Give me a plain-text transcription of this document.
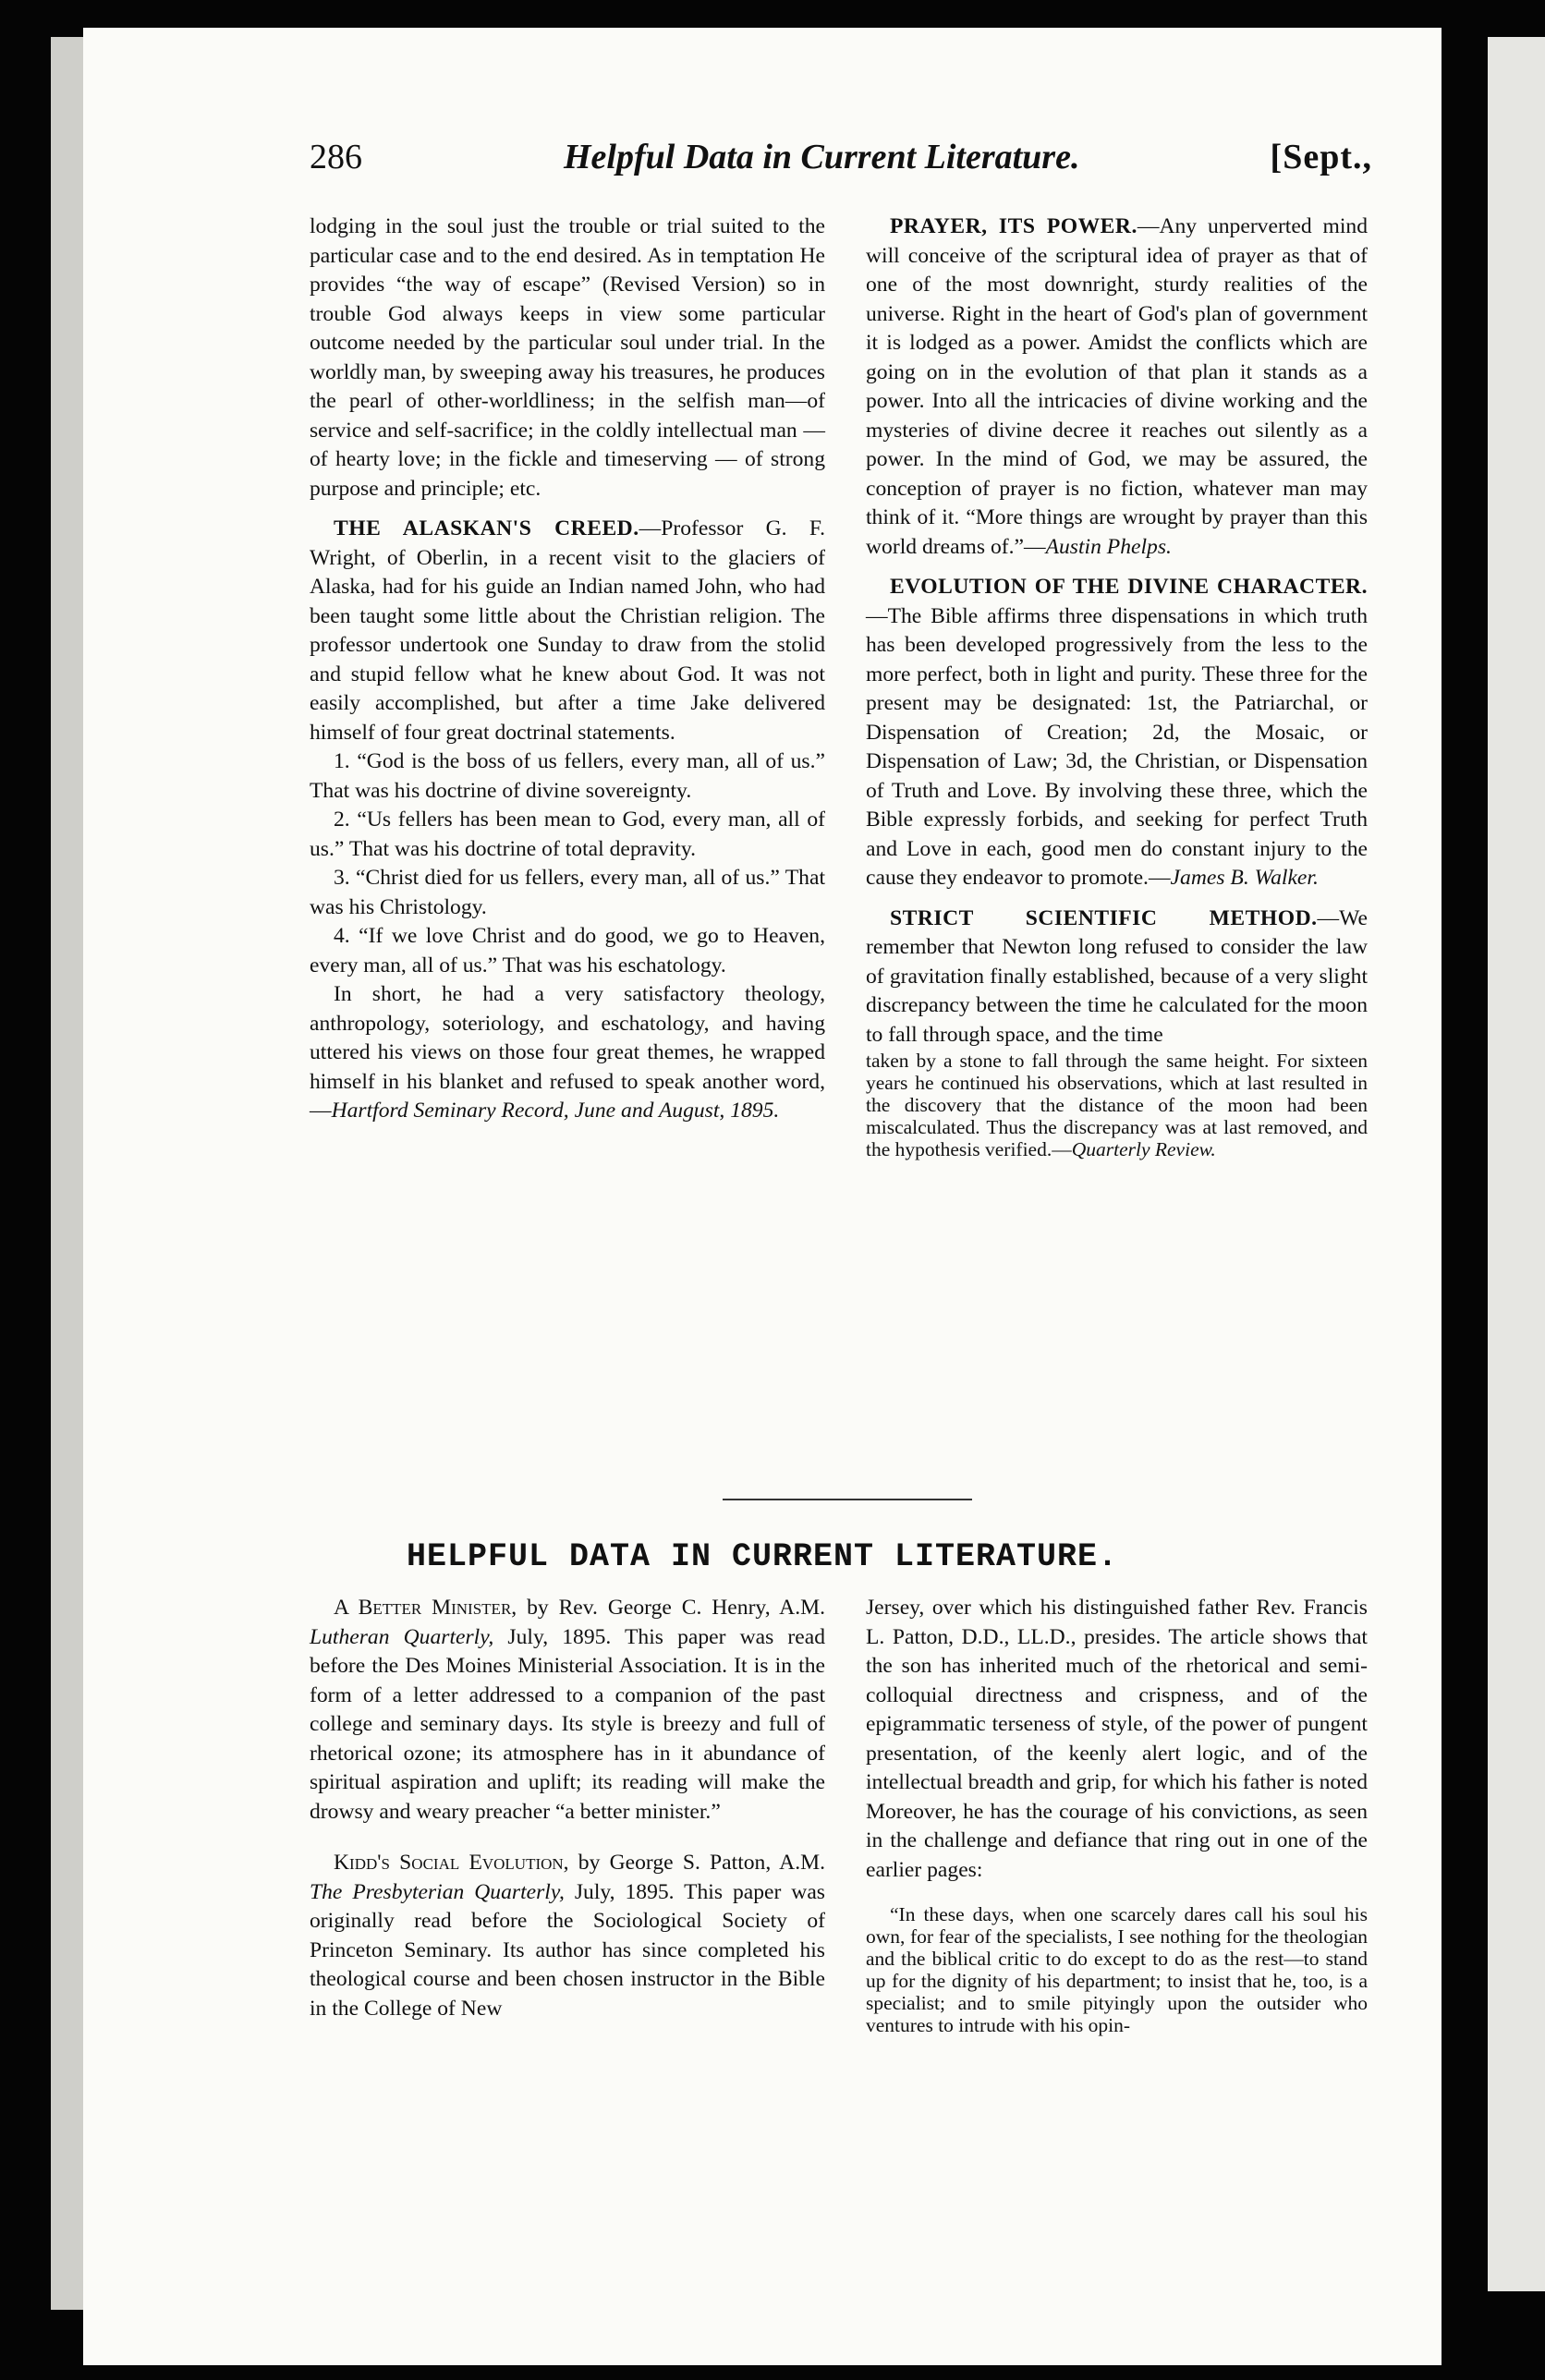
286	Helpful Data in Current Literature.	[Sept.,

lodging in the soul just the trouble or trial suited to the particular case and to the end desired. As in temptation He provides “the way of escape” (Revised Version) so in trouble God always keeps in view some particular outcome needed by the particular soul under trial. In the worldly man, by sweeping away his treasures, he produces the pearl of other-worldliness; in the selfish man—of service and self-sacrifice; in the coldly intellectual man —of hearty love; in the fickle and timeserving — of strong purpose and principle; etc.

THE ALASKAN'S CREED.—Professor G. F. Wright, of Oberlin, in a recent visit to the glaciers of Alaska, had for his guide an Indian named John, who had been taught some little about the Christian religion. The professor undertook one Sunday to draw from the stolid and stupid fellow what he knew about God. It was not easily accomplished, but after a time Jake delivered himself of four great doctrinal statements.

1. “God is the boss of us fellers, every man, all of us.” That was his doctrine of divine sovereignty.

2. “Us fellers has been mean to God, every man, all of us.” That was his doctrine of total depravity.

3. “Christ died for us fellers, every man, all of us.” That was his Christology.

4. “If we love Christ and do good, we go to Heaven, every man, all of us.” That was his eschatology.

In short, he had a very satisfactory theology, anthropology, soteriology, and eschatology, and having uttered his views on those four great themes, he wrapped himself in his blanket and refused to speak another word,—Hartford Seminary Record, June and August, 1895.

PRAYER, ITS POWER.—Any unperverted mind will conceive of the scriptural idea of prayer as that of one of the most downright, sturdy realities of the universe. Right in the heart of God's plan of government it is lodged as a power. Amidst the conflicts which are going on in the evolution of that plan it stands as a power. Into all the intricacies of divine working and the mysteries of divine decree it reaches out silently as a power. In the mind of God, we may be assured, the conception of prayer is no fiction, whatever man may think of it. “More things are wrought by prayer than this world dreams of.”—Austin Phelps.

EVOLUTION OF THE DIVINE CHARACTER.—The Bible affirms three dispensations in which truth has been developed progressively from the less to the more perfect, both in light and purity. These three for the present may be designated: 1st, the Patriarchal, or Dispensation of Creation; 2d, the Mosaic, or Dispensation of Law; 3d, the Christian, or Dispensation of Truth and Love. By involving these three, which the Bible expressly forbids, and seeking for perfect Truth and Love in each, good men do constant injury to the cause they endeavor to promote.—James B. Walker.

STRICT SCIENTIFIC METHOD.—We remember that Newton long refused to consider the law of gravitation finally established, because of a very slight discrepancy between the time he calculated for the moon to fall through space, and the time

taken by a stone to fall through the same height. For sixteen years he continued his observations, which at last resulted in the discovery that the distance of the moon had been miscalculated. Thus the discrepancy was at last removed, and the hypothesis verified.—Quarterly Review.

HELPFUL DATA IN CURRENT LITERATURE.

A Better Minister, by Rev. George C. Henry, A.M. Lutheran Quarterly, July, 1895. This paper was read before the Des Moines Ministerial Association. It is in the form of a letter addressed to a companion of the past college and seminary days. Its style is breezy and full of rhetorical ozone; its atmosphere has in it abundance of spiritual aspiration and uplift; its reading will make the drowsy and weary preacher “a better minister.”

Kidd's Social Evolution, by George S. Patton, A.M. The Presbyterian Quarterly, July, 1895. This paper was originally read before the Sociological Society of Princeton Seminary. Its author has since completed his theological course and been chosen instructor in the Bible in the College of New

Jersey, over which his distinguished father Rev. Francis L. Patton, D.D., LL.D., presides. The article shows that the son has inherited much of the rhetorical and semi-colloquial directness and crispness, and of the epigrammatic terseness of style, of the power of pungent presentation, of the keenly alert logic, and of the intellectual breadth and grip, for which his father is noted Moreover, he has the courage of his convictions, as seen in the challenge and defiance that ring out in one of the earlier pages:

“In these days, when one scarcely dares call his soul his own, for fear of the specialists, I see nothing for the theologian and the biblical critic to do except to do as the rest—to stand up for the dignity of his department; to insist that he, too, is a specialist; and to smile pityingly upon the outsider who ventures to intrude with his opin-
